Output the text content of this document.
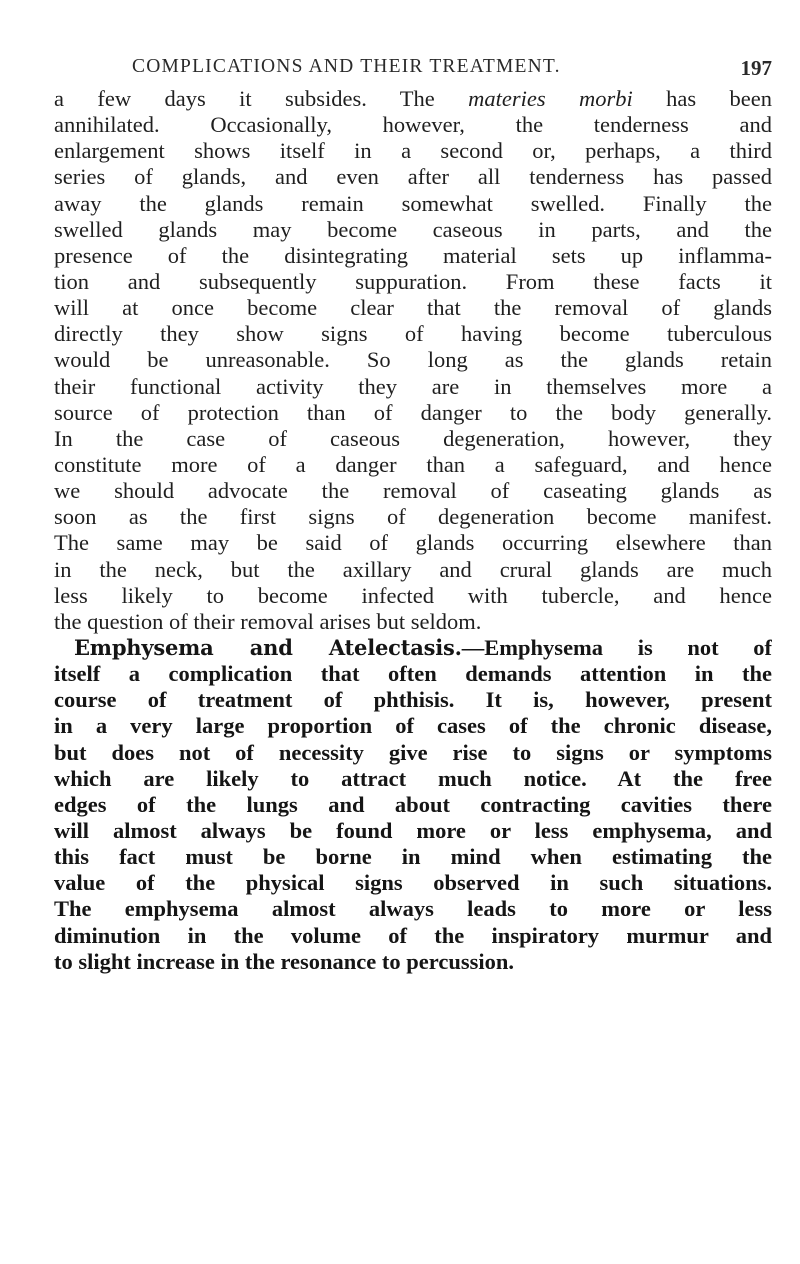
COMPLICATIONS AND THEIR TREATMENT.	197
a few days it subsides. The materies morbi has been
annihilated. Occasionally, however, the tenderness and
enlargement shows itself in a second or, perhaps, a third
series of glands, and even after all tenderness has passed
away the glands remain somewhat swelled. Finally the
swelled glands may become caseous in parts, and the
presence of the disintegrating material sets up inflamma-
tion and subsequently suppuration. From these facts it
will at once become clear that the removal of glands
directly they show signs of having become tuberculous
would be unreasonable. So long as the glands retain
their functional activity they are in themselves more a
source of protection than of danger to the body generally.
In the case of caseous degeneration, however, they
constitute more of a danger than a safeguard, and hence
we should advocate the removal of caseating glands as
soon as the first signs of degeneration become manifest.
The same may be said of glands occurring elsewhere than
in the neck, but the axillary and crural glands are much
less likely to become infected with tubercle, and hence
the question of their removal arises but seldom.
Emphysema and Atelectasis.—Emphysema is not of
itself a complication that often demands attention in the
course of treatment of phthisis. It is, however, present
in a very large proportion of cases of the chronic disease,
but does not of necessity give rise to signs or symptoms
which are likely to attract much notice. At the free
edges of the lungs and about contracting cavities there
will almost always be found more or less emphysema, and
this fact must be borne in mind when estimating the
value of the physical signs observed in such situations.
The emphysema almost always leads to more or less
diminution in the volume of the inspiratory murmur and
to slight increase in the resonance to percussion.
